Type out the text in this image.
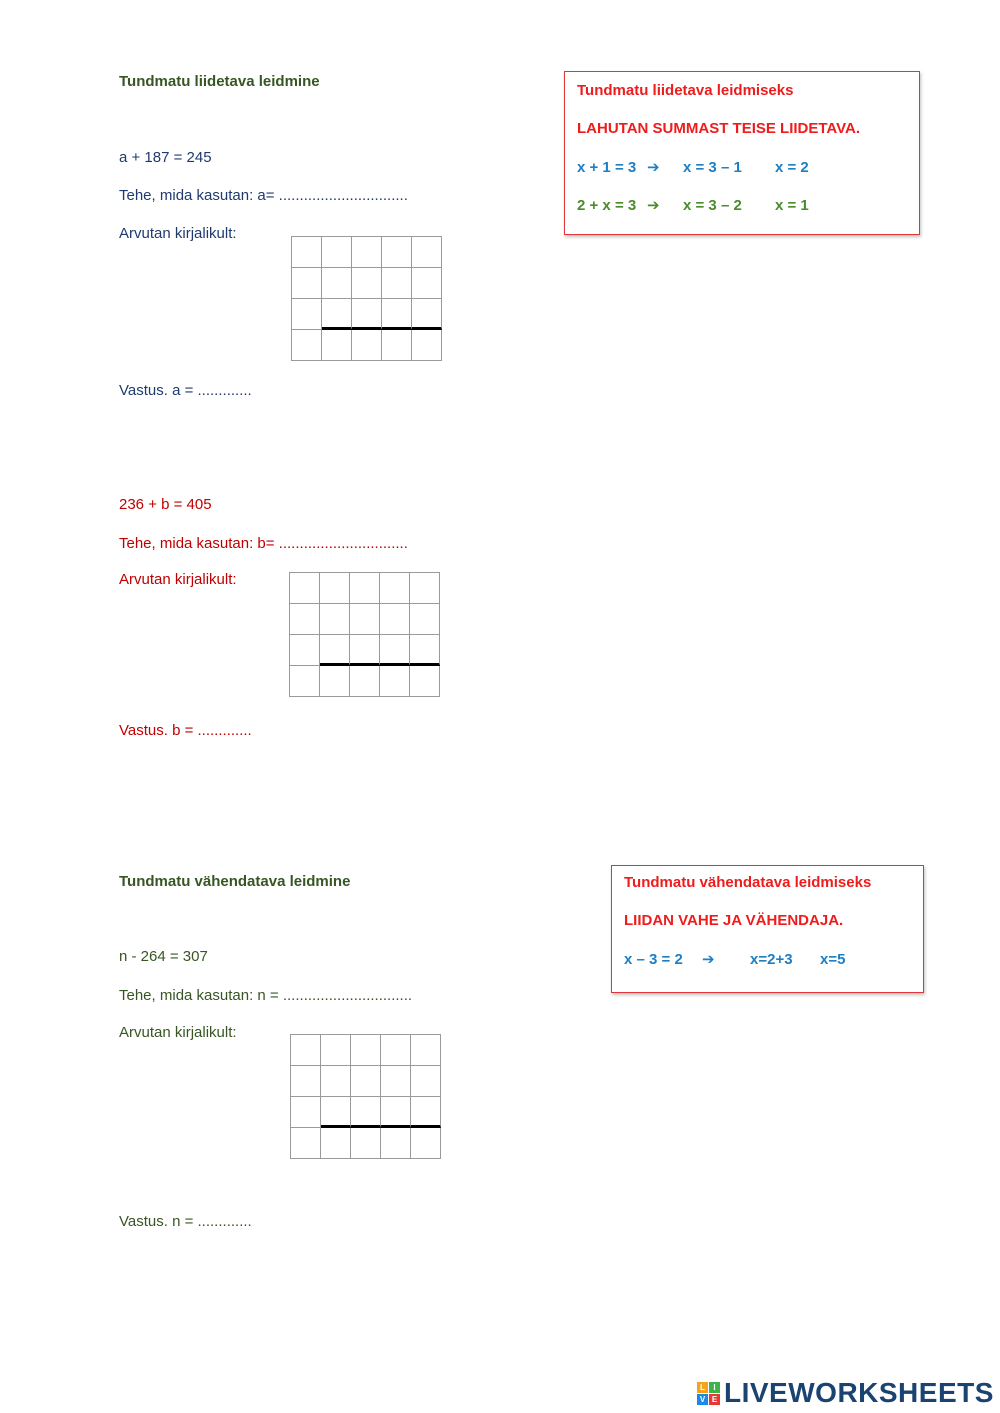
Tundmatu liidetava leidmine
a + 187 = 245
Tehe, mida kasutan: a= ...............................
Arvutan kirjalikult:
Vastus. a = .............
236 + b = 405
Tehe, mida kasutan: b= ...............................
Arvutan kirjalikult:
Vastus. b = .............
Tundmatu liidetava leidmiseks
LAHUTAN SUMMAST TEISE LIIDETAVA.
x + 1 = 3 ➔ x = 3 – 1 x = 2
2 + x = 3 ➔ x = 3 – 2 x = 1
Tundmatu vähendatava leidmine
n - 264 = 307
Tehe, mida kasutan: n = ...............................
Arvutan kirjalikult:
Vastus. n = .............
Tundmatu vähendatava leidmiseks
LIIDAN VAHE JA VÄHENDAJA.
x – 3 = 2 ➔ x=2+3 x=5
L	I
V E LIVEWORKSHEETS
